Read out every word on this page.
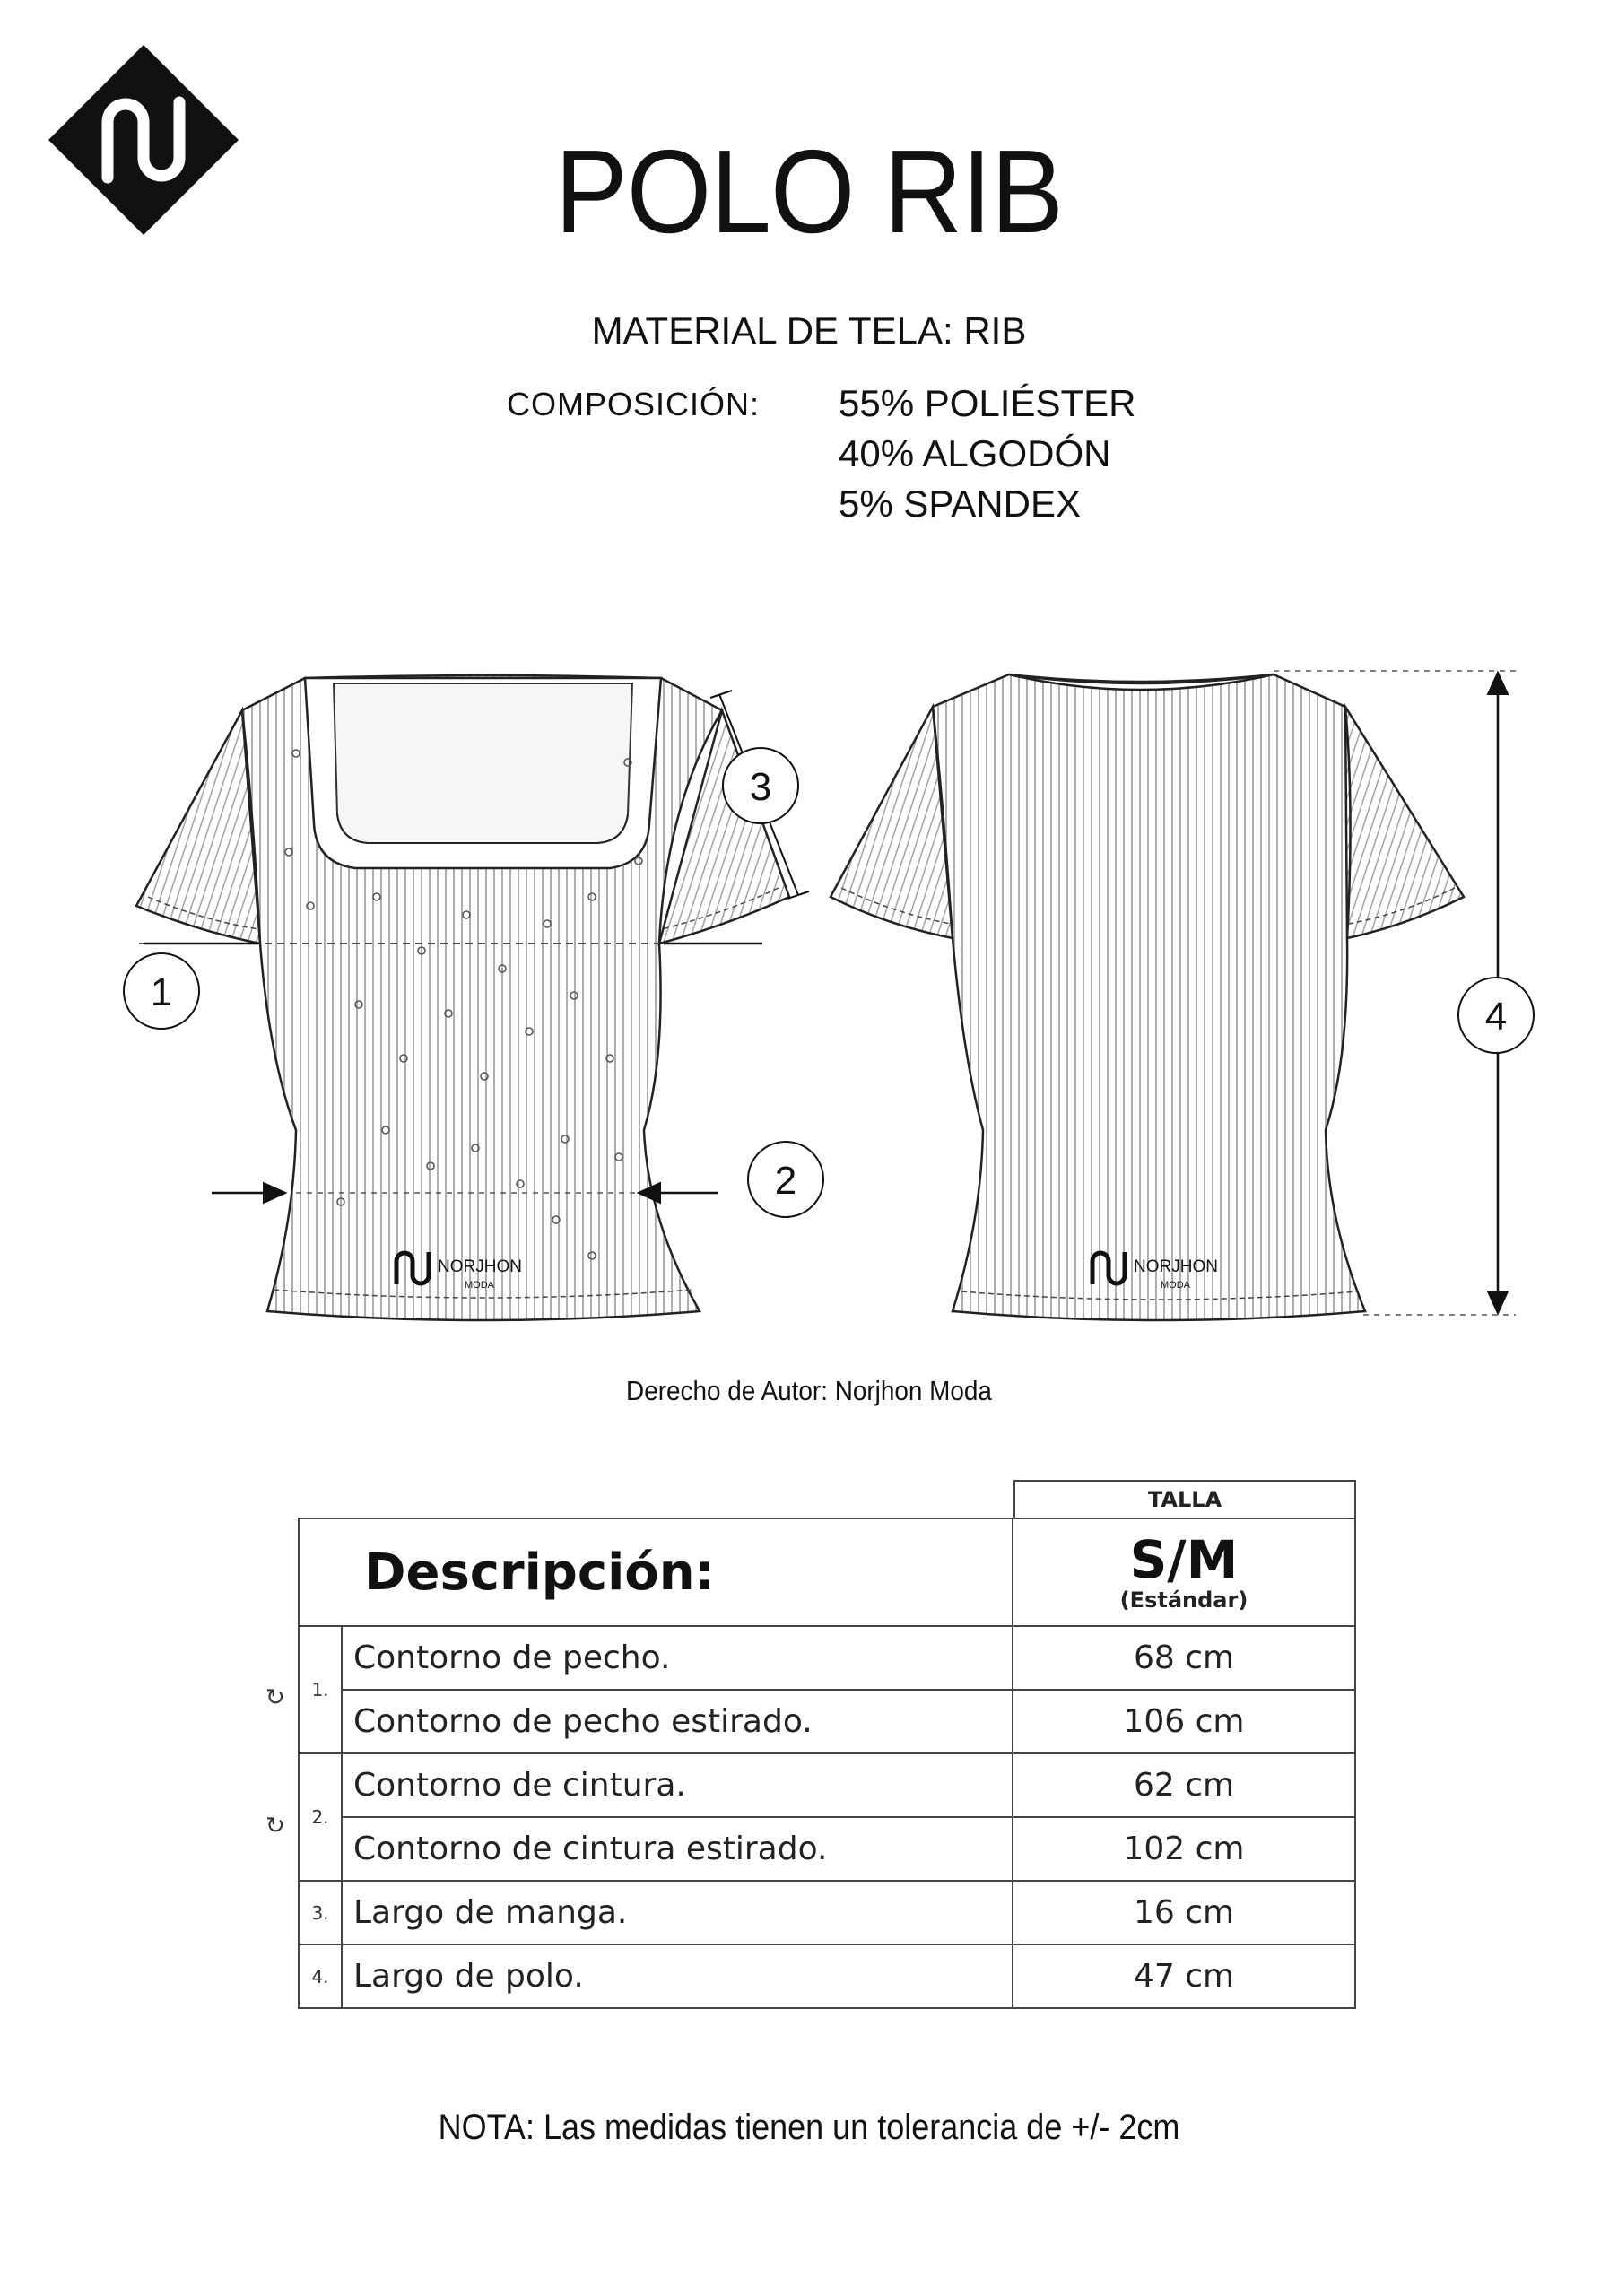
POLO RIB
MATERIAL DE TELA: RIB
COMPOSICIÓN: 55% POLIÉSTER
40% ALGODÓN
5% SPANDEX
NORJHON
MODA
NORJHON
MODA
1
2
3
4
Derecho de Autor: Norjhon Moda
TALLA
↻
↻
Descripción:		S/M
(Estándar)

1.	Contorno de pecho.	68 cm
	Contorno de pecho estirado.	106 cm
2.	Contorno de cintura.	62 cm
	Contorno de cintura estirado.	102 cm
3.	Largo de manga.	16 cm
4.	Largo de polo.	47 cm
NOTA: Las medidas tienen un tolerancia de +/- 2cm
